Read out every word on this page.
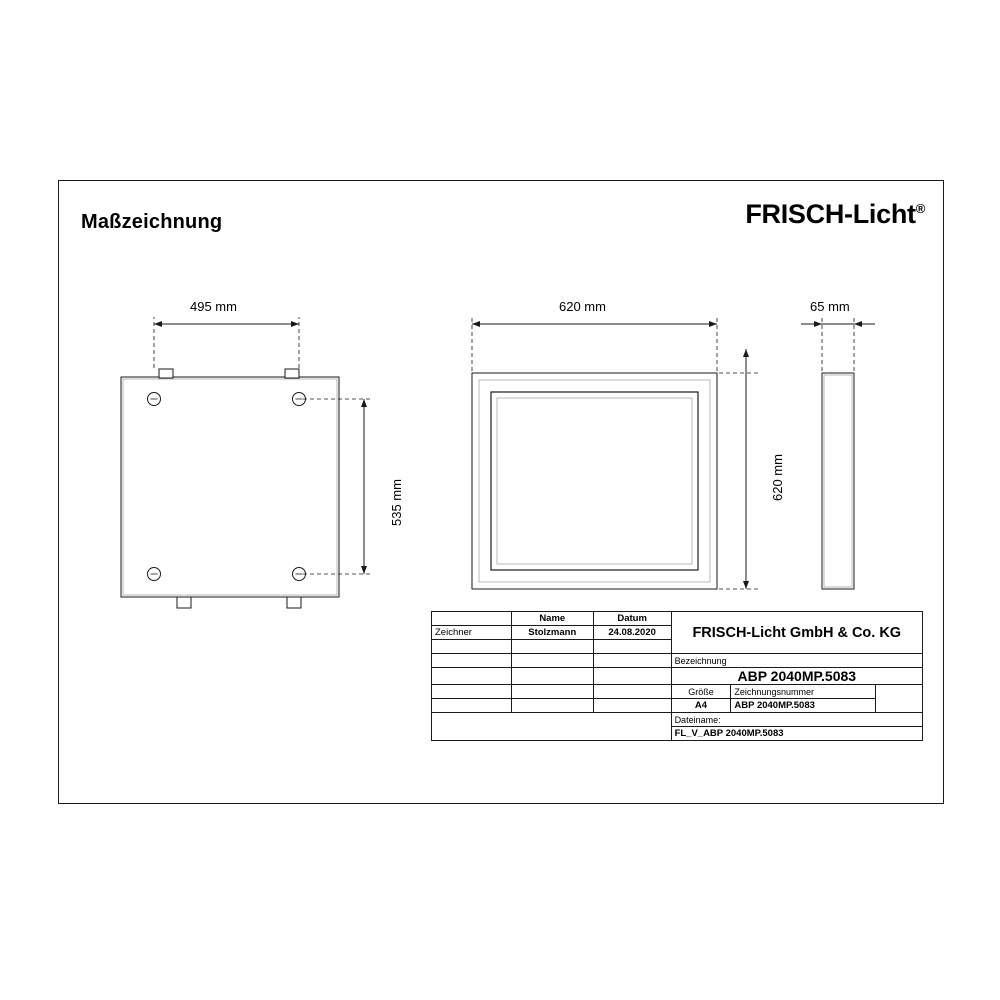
Maßzeichnung	FRISCH-Licht®
495 mm
535 mm
620 mm
620 mm
65 mm
	Name	Datum	FRISCH-Licht GmbH & Co. KG		
Zeichner	Stolzmann	24.08.2020			

			Bezeichnung		
			ABP 2040MP.5083		
			Größe	Zeichnungsnummer	
			A4	ABP 2040MP.5083	
			Dateiname:		
			FL_V_ABP 2040MP.5083		
